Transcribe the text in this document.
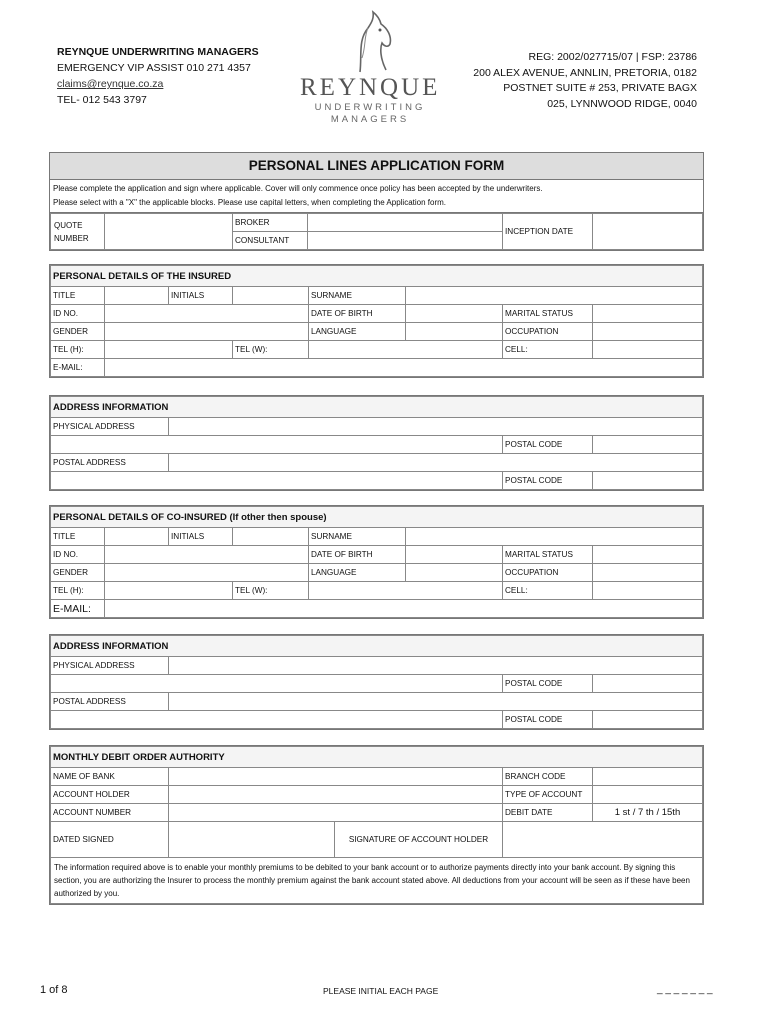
REYNQUE UNDERWRITING MANAGERS
EMERGENCY VIP ASSIST 010 271 4357
claims@reynque.co.za
TEL- 012 543 3797	REYNQUE
UNDERWRITING
MANAGERS
REG: 2002/027715/07 | FSP: 23786
200 ALEX AVENUE, ANNLIN, PRETORIA, 0182
POSTNET SUITE # 253, PRIVATE BAGX
025, LYNNWOOD RIDGE, 0040
PERSONAL LINES APPLICATION FORM
Please complete the application and sign where applicable. Cover will only commence once policy has been accepted by the underwriters.
Please select with a "X" the applicable blocks. Please use capital letters, when completing the Application form.
QUOTE NUMBER		BROKER		INCEPTION DATE	
		CONSULTANT			
PERSONAL DETAILS OF THE INSURED							
TITLE		INITIALS		SURNAME			
ID NO.				DATE OF BIRTH		MARITAL STATUS	
GENDER				LANGUAGE		OCCUPATION	
TEL (H):			TEL (W):			CELL:	
E-MAIL:							
ADDRESS INFORMATION			
PHYSICAL ADDRESS			
		POSTAL CODE	
POSTAL ADDRESS			
		POSTAL CODE	
PERSONAL DETAILS OF CO-INSURED (If other then spouse)							
TITLE		INITIALS		SURNAME			
ID NO.				DATE OF BIRTH		MARITAL STATUS	
GENDER				LANGUAGE		OCCUPATION	
TEL (H):			TEL (W):			CELL:	
E-MAIL:							
ADDRESS INFORMATION			
PHYSICAL ADDRESS			
		POSTAL CODE	
POSTAL ADDRESS			
		POSTAL CODE	
MONTHLY DEBIT ORDER AUTHORITY				
NAME OF BANK			BRANCH CODE	
ACCOUNT HOLDER			TYPE OF ACCOUNT	
ACCOUNT NUMBER			DEBIT DATE	1 st / 7 th / 15th
DATED SIGNED		SIGNATURE OF ACCOUNT HOLDER		
The information required above is to enable your monthly premiums to be debited to your bank account or to authorize payments directly into your bank account. By signing this section, you are authorizing the Insurer to process the monthly premium against the bank account stated above. All deductions from your account will be seen as if these have been authorized by you.				
1 of 8	PLEASE INITIAL EACH PAGE	_ _ _ _ _ _ _
